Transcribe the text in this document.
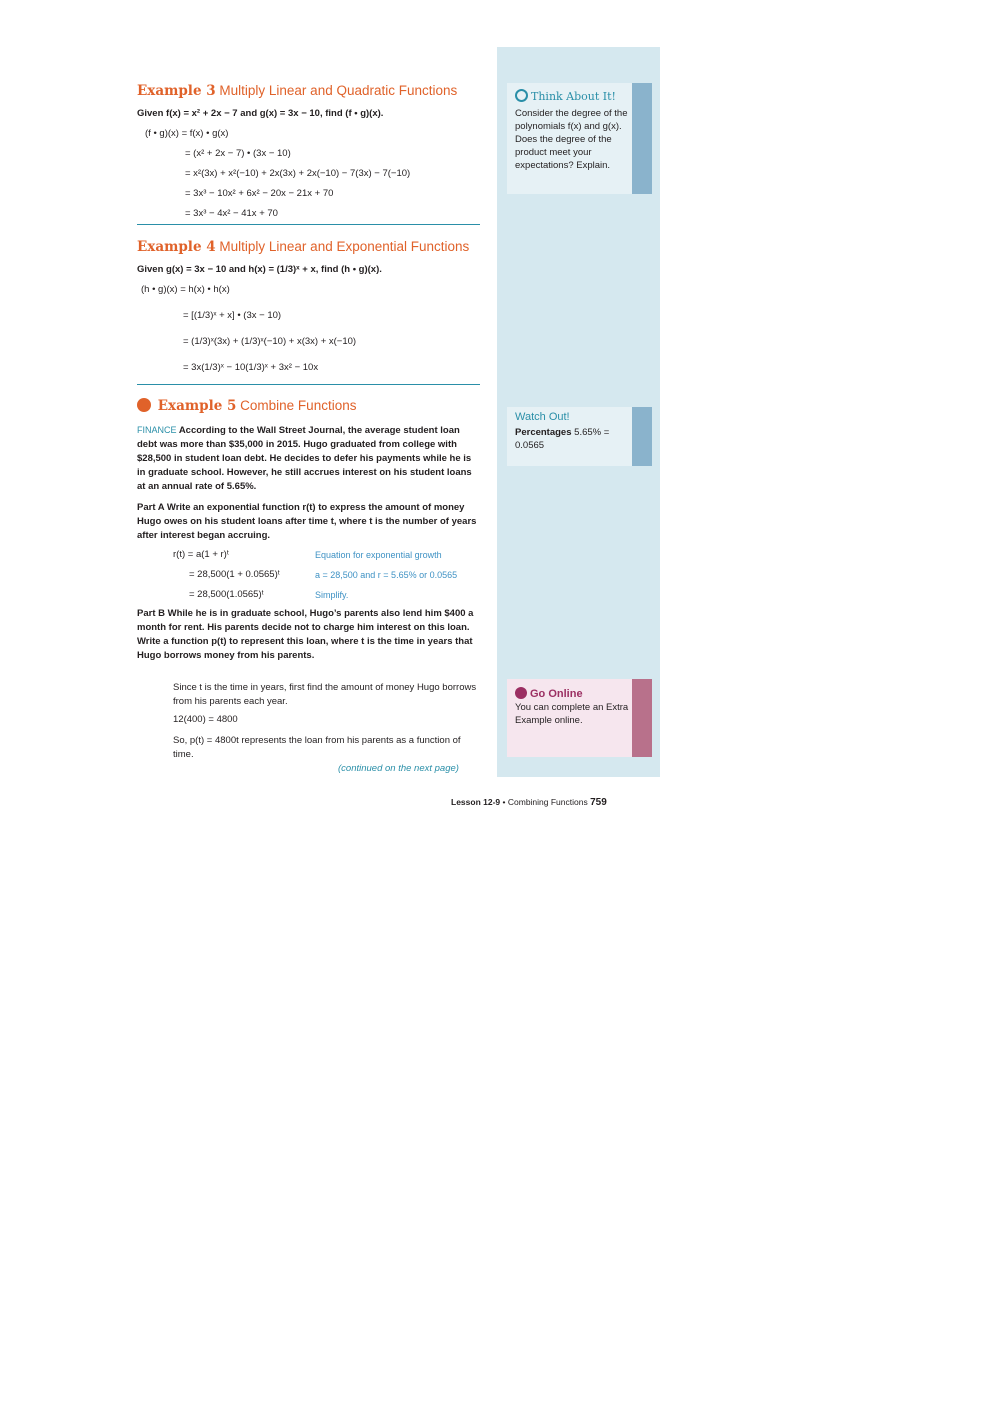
Think About It!
Consider the degree of the polynomials f(x) and g(x). Does the degree of the product meet your expectations? Explain.
Watch Out!
Percentages 5.65% = 0.0565
Go Online
You can complete an Extra Example online.
Example 3 Multiply Linear and Quadratic Functions
Given f(x) = x² + 2x − 7 and g(x) = 3x − 10, find (f • g)(x).
(f • g)(x) = f(x) • g(x)
= (x² + 2x − 7) • (3x − 10)
= x²(3x) + x²(−10) + 2x(3x) + 2x(−10) − 7(3x) − 7(−10)
= 3x³ − 10x² + 6x² − 20x − 21x + 70
= 3x³ − 4x² − 41x + 70
Example 4 Multiply Linear and Exponential Functions
Given g(x) = 3x − 10 and h(x) = (1/3)ˣ + x, find (h • g)(x).
(h • g)(x) = h(x) • h(x)
= [(1/3)ˣ + x] • (3x − 10)
= (1/3)ˣ(3x) + (1/3)ˣ(−10) + x(3x) + x(−10)
= 3x(1/3)ˣ − 10(1/3)ˣ + 3x² − 10x
Example 5 Combine Functions
FINANCE According to the Wall Street Journal, the average student loan debt was more than $35,000 in 2015. Hugo graduated from college with $28,500 in student loan debt. He decides to defer his payments while he is in graduate school. However, he still accrues interest on his student loans at an annual rate of 5.65%.
Part A Write an exponential function r(t) to express the amount of money Hugo owes on his student loans after time t, where t is the number of years after interest began accruing.
r(t) = a(1 + r)ᵗ	Equation for exponential growth
= 28,500(1 + 0.0565)ᵗ	a = 28,500 and r = 5.65% or 0.0565
= 28,500(1.0565)ᵗ	Simplify.
Part B While he is in graduate school, Hugo’s parents also lend him $400 a month for rent. His parents decide not to charge him interest on this loan. Write a function p(t) to represent this loan, where t is the time in years that Hugo borrows money from his parents.
Since t is the time in years, first find the amount of money Hugo borrows from his parents each year.
12(400) = 4800
So, p(t) = 4800t represents the loan from his parents as a function of time.
(continued on the next page)
Lesson 12-9 • Combining Functions 759
